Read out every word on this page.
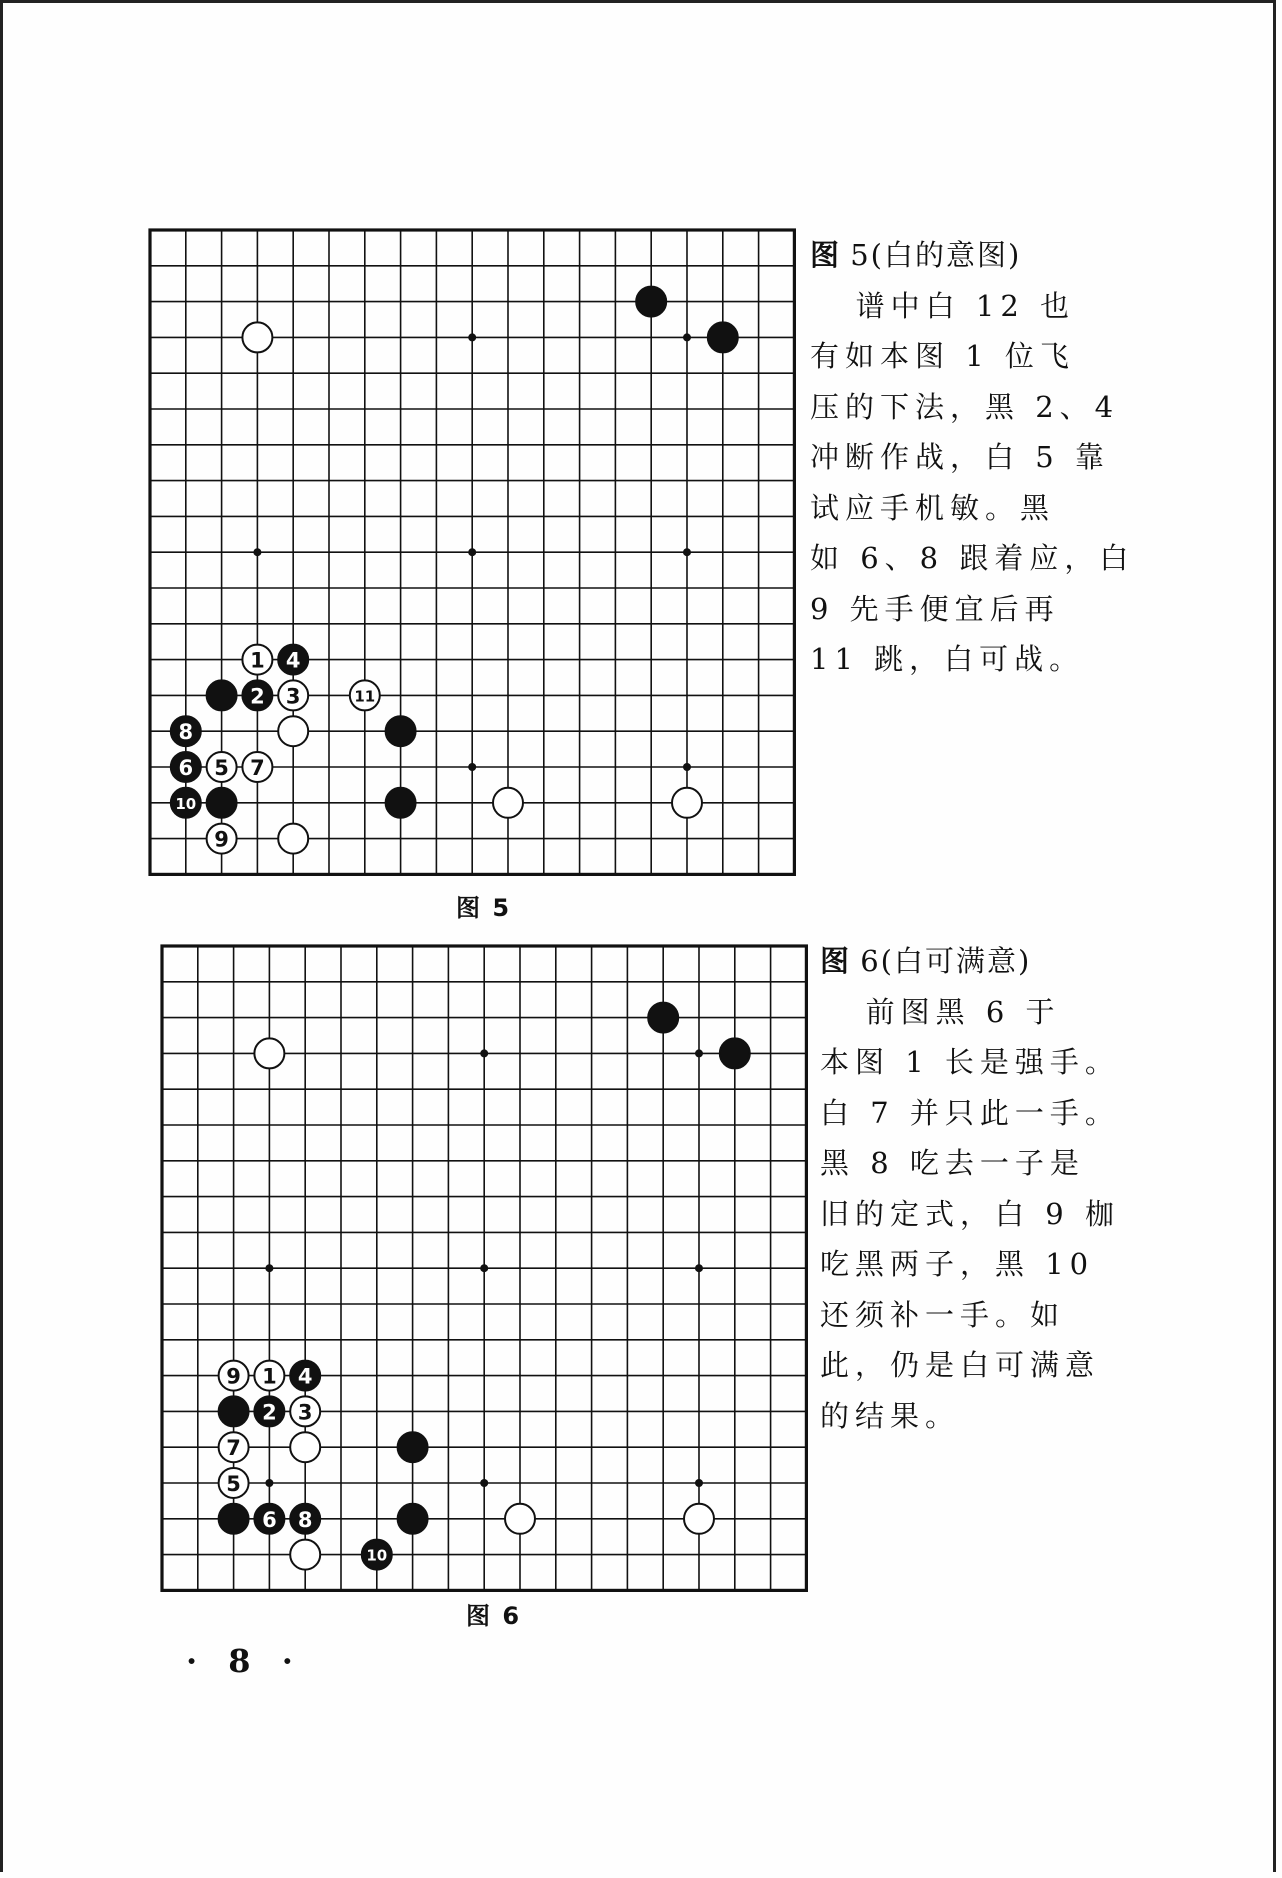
1 4
2 3	11
8
6 5 7
10
9
图 5

图 5(白的意图)

谱中白 12 也

有如本图 1 位飞

压的下法，黑 2、4

冲断作战，白 5 靠

试应手机敏。黑

如 6、8 跟着应，白

9 先手便宜后再

11 跳，白可战。

9 1 4
2 3
7
5
6 8
10
图 6

图 6(白可满意)

前图黑 6 于

本图 1 长是强手。

白 7 并只此一手。

黑 8 吃去一子是

旧的定式，白 9 枷

吃黑两子，黑 10

还须补一手。如

此，仍是白可满意

的结果。

· 8 ·
